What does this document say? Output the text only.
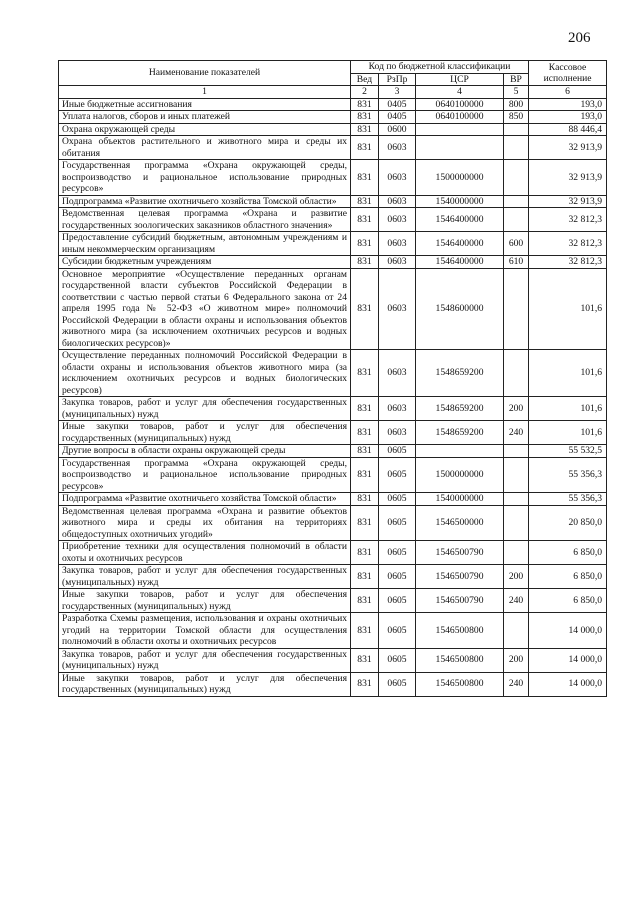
206
Наименование показателей	Код по бюджетной классификации				Кассовое исполнение
	Вед	РзПр	ЦСР	ВР	
1	2	3	4	5	6
Иные бюджетные ассигнования	831	0405	0640100000	800	193,0
Уплата налогов, сборов и иных платежей	831	0405	0640100000	850	193,0
Охрана окружающей среды	831	0600			88 446,4
Охрана объектов растительного и животного мира и среды их обитания	831	0603			32 913,9
Государственная программа «Охрана окружающей среды, воспроизводство и рациональное использование природных ресурсов»	831	0603	1500000000		32 913,9
Подпрограмма «Развитие охотничьего хозяйства Томской области»	831	0603	1540000000		32 913,9
Ведомственная целевая программа «Охрана и развитие государственных зоологических заказников областного значения»	831	0603	1546400000		32 812,3
Предоставление субсидий бюджетным, автономным учреждениям и иным некоммерческим организациям	831	0603	1546400000	600	32 812,3
Субсидии бюджетным учреждениям	831	0603	1546400000	610	32 812,3
Основное мероприятие «Осуществление переданных органам государственной власти субъектов Российской Федерации в соответствии с частью первой статьи 6 Федерального закона от 24 апреля 1995 года № 52-ФЗ «О животном мире» полномочий Российской Федерации в области охраны и использования объектов животного мира (за исключением охотничьих ресурсов и водных биологических ресурсов)»	831	0603	1548600000		101,6
Осуществление переданных полномочий Российской Федерации в области охраны и использования объектов животного мира (за исключением охотничьих ресурсов и водных биологических ресурсов)	831	0603	1548659200		101,6
Закупка товаров, работ и услуг для обеспечения государственных (муниципальных) нужд	831	0603	1548659200	200	101,6
Иные закупки товаров, работ и услуг для обеспечения государственных (муниципальных) нужд	831	0603	1548659200	240	101,6
Другие вопросы в области охраны окружающей среды	831	0605			55 532,5
Государственная программа «Охрана окружающей среды, воспроизводство и рациональное использование природных ресурсов»	831	0605	1500000000		55 356,3
Подпрограмма «Развитие охотничьего хозяйства Томской области»	831	0605	1540000000		55 356,3
Ведомственная целевая программа «Охрана и развитие объектов животного мира и среды их обитания на территориях общедоступных охотничьих угодий»	831	0605	1546500000		20 850,0
Приобретение техники для осуществления полномочий в области охоты и охотничьих ресурсов	831	0605	1546500790		6 850,0
Закупка товаров, работ и услуг для обеспечения государственных (муниципальных) нужд	831	0605	1546500790	200	6 850,0
Иные закупки товаров, работ и услуг для обеспечения государственных (муниципальных) нужд	831	0605	1546500790	240	6 850,0
Разработка Схемы размещения, использования и охраны охотничьих угодий на территории Томской области для осуществления полномочий в области охоты и охотничьих ресурсов	831	0605	1546500800		14 000,0
Закупка товаров, работ и услуг для обеспечения государственных (муниципальных) нужд	831	0605	1546500800	200	14 000,0
Иные закупки товаров, работ и услуг для обеспечения государственных (муниципальных) нужд	831	0605	1546500800	240	14 000,0
